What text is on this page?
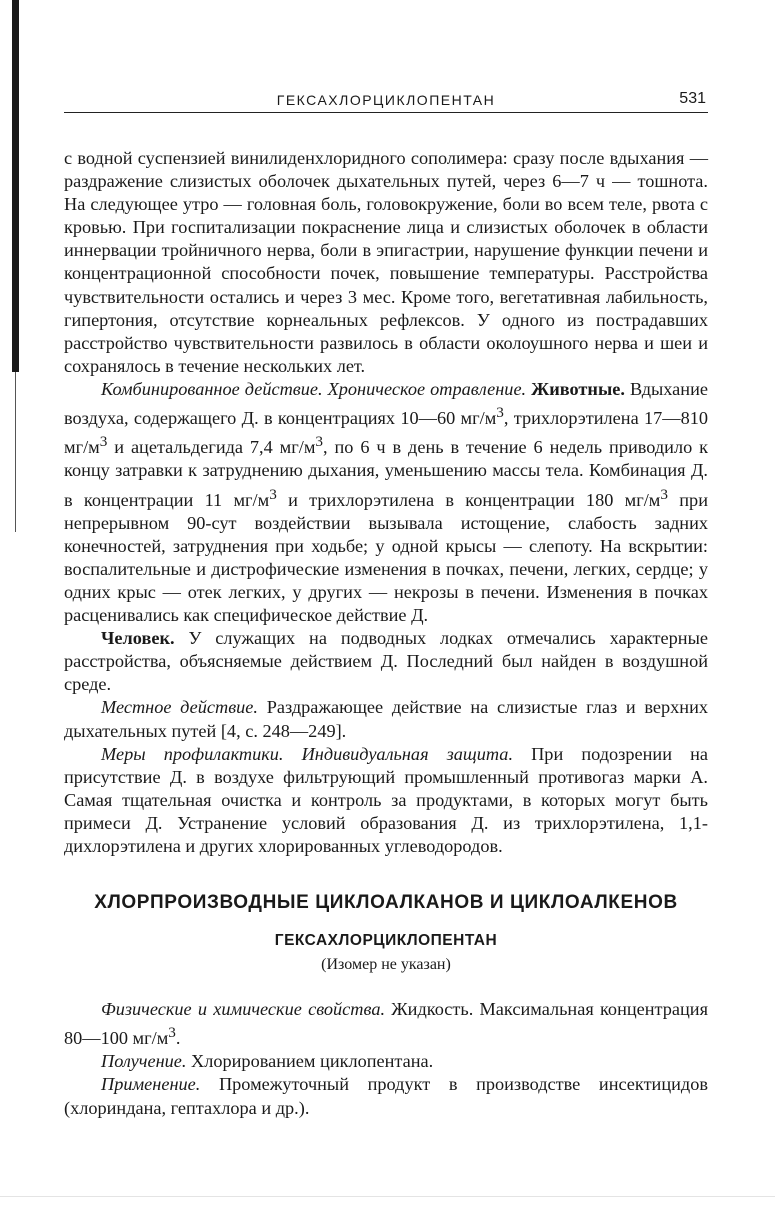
ГЕКСАХЛОРЦИКЛОПЕНТАН	531

с водной суспензией винилиденхлоридного сополимера: сразу после вдыхания — раздражение слизистых оболочек дыхательных путей, через 6—7 ч — тошнота. На следующее утро — головная боль, головокружение, боли во всем теле, рвота с кровью. При госпитализации покраснение лица и слизистых оболочек в области иннервации тройничного нерва, боли в эпигастрии, нарушение функции печени и концентрационной способности почек, повышение температуры. Расстройства чувствительности остались и через 3 мес. Кроме того, вегетативная лабильность, гипертония, отсутствие корнеальных рефлексов. У одного из пострадавших расстройство чувствительности развилось в области околоушного нерва и шеи и сохранялось в течение нескольких лет.

Комбинированное действие. Хроническое отравление. Животные. Вдыхание воздуха, содержащего Д. в концентрациях 10—60 $мг/м^3$, трихлорэтилена 17—810 $мг/м^3$ и ацетальдегида 7,4 $мг/м^3$, по 6 ч в день в течение 6 недель приводило к концу затравки к затруднению дыхания, уменьшению массы тела. Комбинация Д. в концентрации 11 $мг/м^3$ и трихлорэтилена в концентрации 180 $мг/м^3$ при непрерывном 90-сут воздействии вызывала истощение, слабость задних конечностей, затруднения при ходьбе; у одной крысы — слепоту. На вскрытии: воспалительные и дистрофические изменения в почках, печени, легких, сердце; у одних крыс — отек легких, у других — некрозы в печени. Изменения в почках расценивались как специфическое действие Д.

Человек. У служащих на подводных лодках отмечались характерные расстройства, объясняемые действием Д. Последний был найден в воздушной среде.

Местное действие. Раздражающее действие на слизистые глаз и верхних дыхательных путей [4, с. 248—249].

Меры профилактики. Индивидуальная защита. При подозрении на присутствие Д. в воздухе фильтрующий промышленный противогаз марки А. Самая тщательная очистка и контроль за продуктами, в которых могут быть примеси Д. Устранение условий образования Д. из трихлорэтилена, 1,1-дихлорэтилена и других хлорированных углеводородов.

ХЛОРПРОИЗВОДНЫЕ ЦИКЛОАЛКАНОВ И ЦИКЛОАЛКЕНОВ
ГЕКСАХЛОРЦИКЛОПЕНТАН
(Изомер не указан)

Физические и химические свойства. Жидкость. Максимальная концентрация 80—100 $мг/м^3$.

Получение. Хлорированием циклопентана.

Применение. Промежуточный продукт в производстве инсектицидов (хлориндана, гептахлора и др.).
